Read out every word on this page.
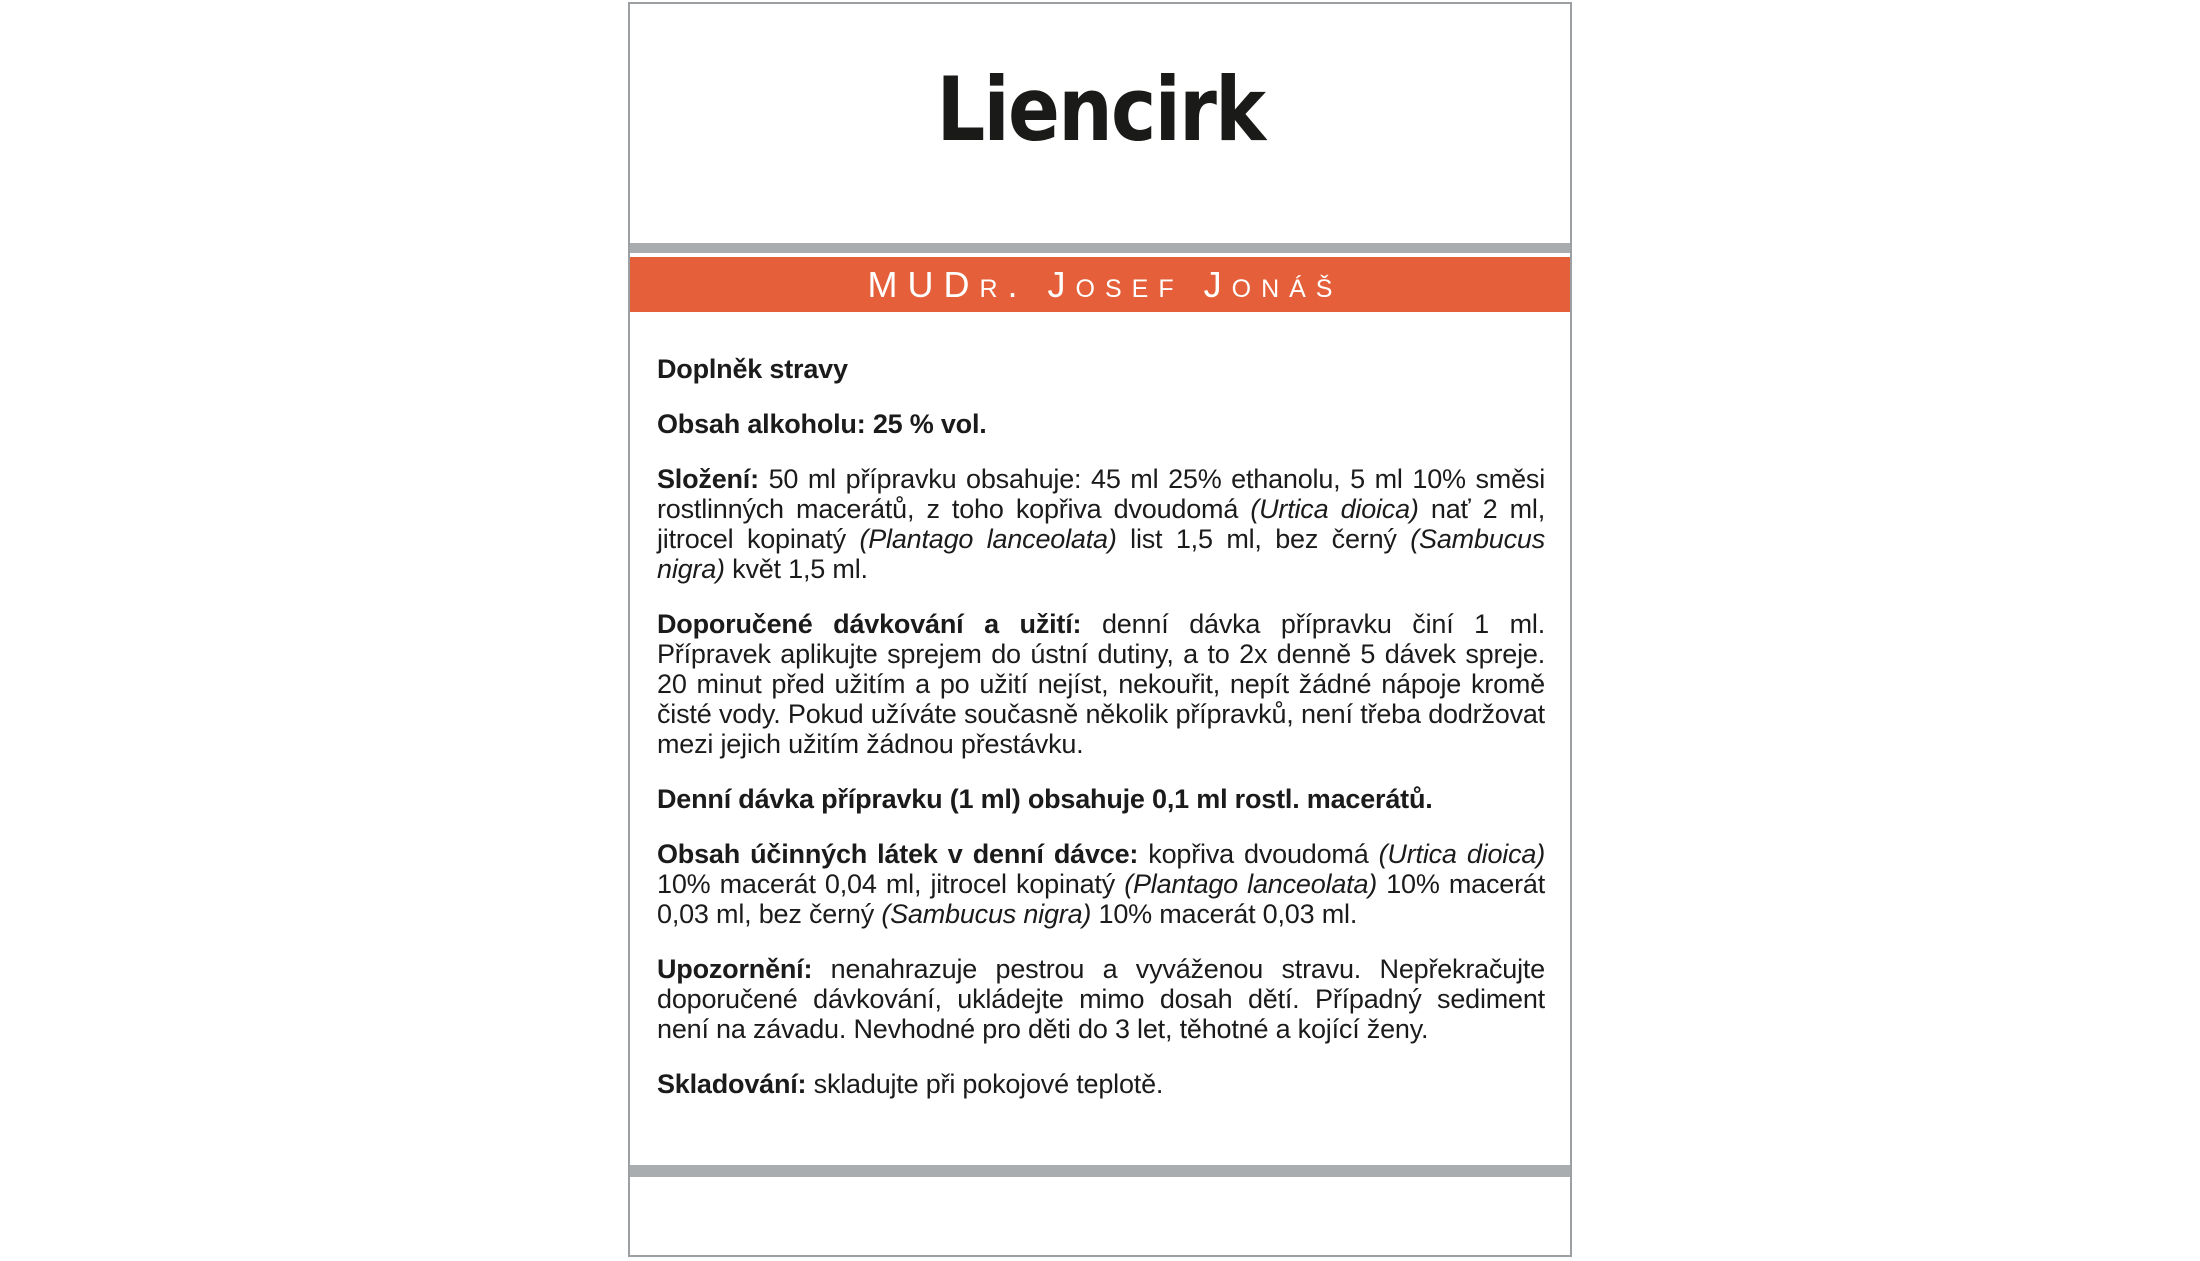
Liencirk
MUDr. Josef Jonáš

Doplněk stravy

Obsah alkoholu: 25 % vol.

Složení: 50 ml přípravku obsahuje: 45 ml 25% ethanolu, 5 ml 10% směsi rostlinných macerátů, z toho kopřiva dvoudomá (Urtica dioica) nať 2 ml, jitrocel kopinatý (Plantago lanceolata) list 1,5 ml, bez černý (Sambucus nigra) květ 1,5 ml.

Doporučené dávkování a užití: denní dávka přípravku činí 1 ml. Přípravek aplikujte sprejem do ústní dutiny, a to 2x denně 5 dávek spreje. 20 minut před užitím a po užití nejíst, nekouřit, nepít žádné nápoje kromě čisté vody. Pokud užíváte současně několik přípravků, není třeba dodržovat mezi jejich užitím žádnou přestávku.

Denní dávka přípravku (1 ml) obsahuje 0,1 ml rostl. macerátů.

Obsah účinných látek v denní dávce: kopřiva dvoudomá (Urtica dioica) 10% macerát 0,04 ml, jitrocel kopinatý (Plantago lanceolata) 10% macerát 0,03 ml, bez černý (Sambucus nigra) 10% macerát 0,03 ml.

Upozornění: nenahrazuje pestrou a vyváženou stravu. Nepřekračujte doporučené dávkování, ukládejte mimo dosah dětí. Případný sediment není na závadu. Nevhodné pro děti do 3 let, těhotné a kojící ženy.

Skladování: skladujte při pokojové teplotě.
